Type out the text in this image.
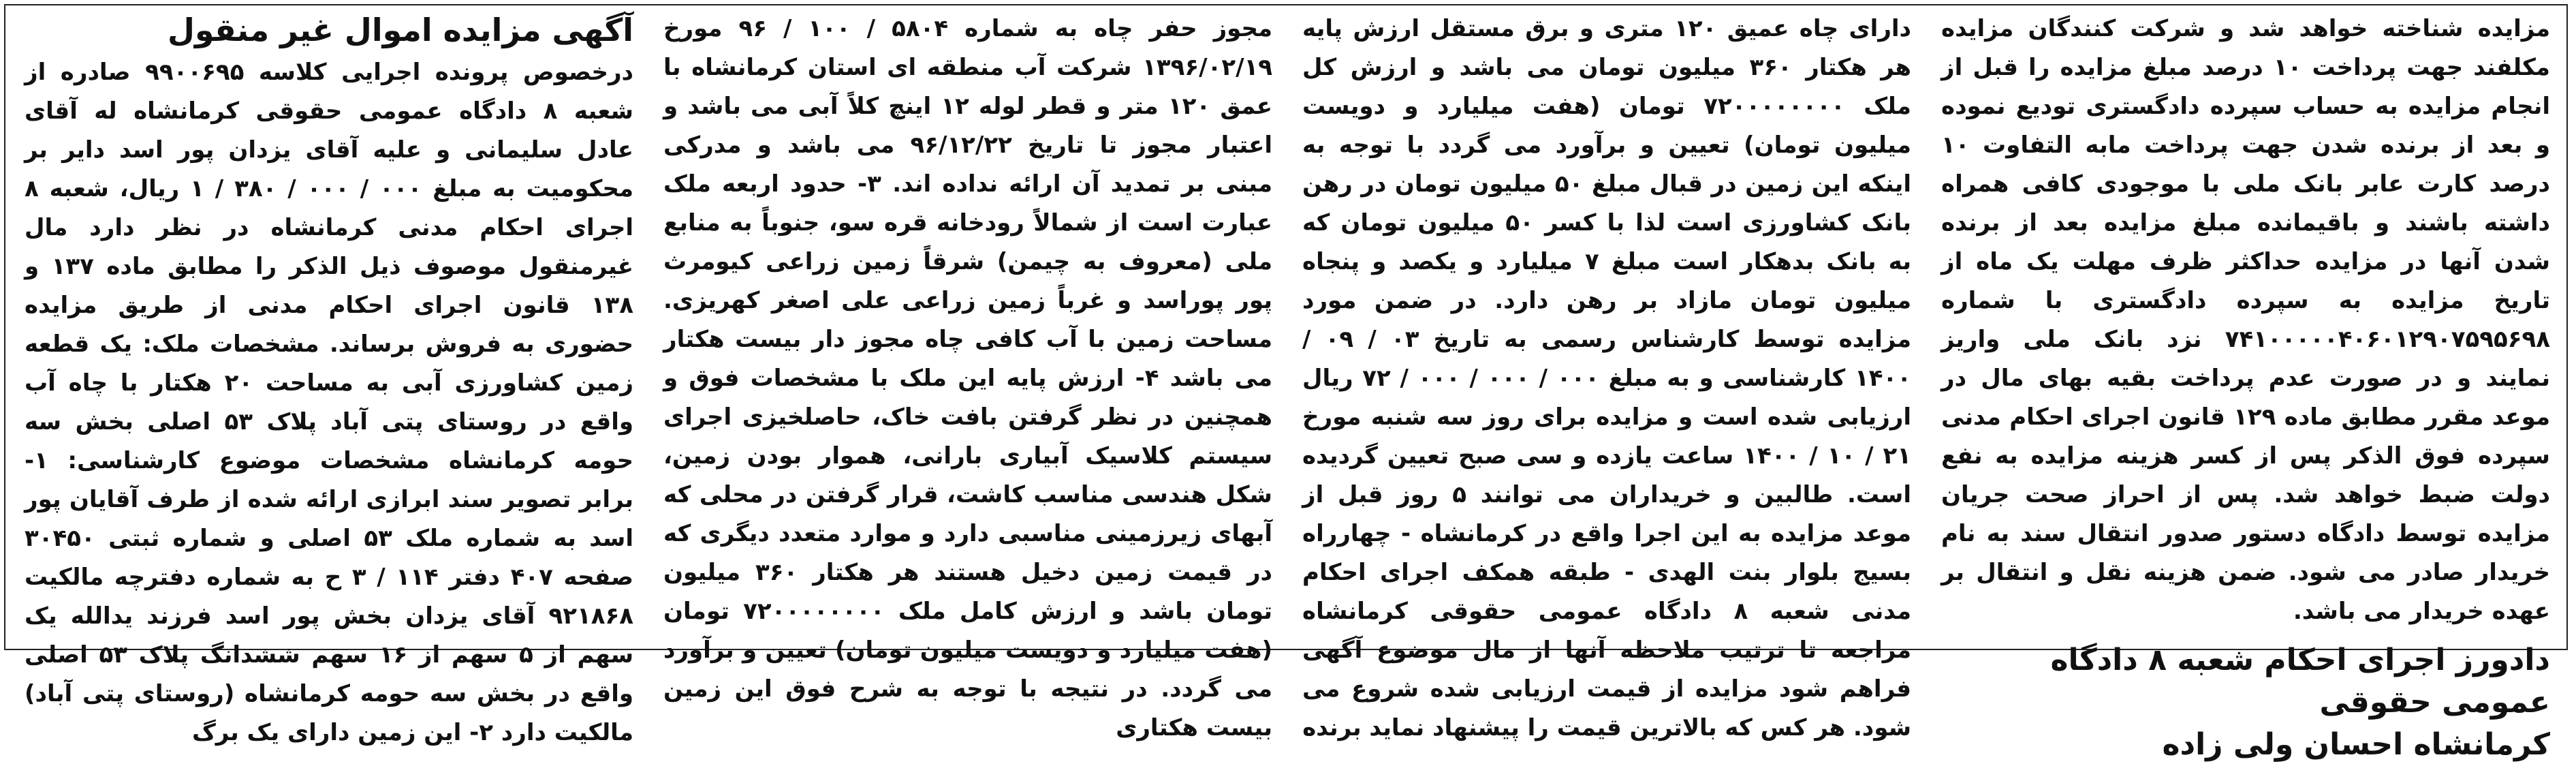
آگهی مزایده اموال غیر منقول

درخصوص پرونده اجرایی کلاسه ۹۹۰۰۶۹۵ صادره از شعبه ۸ دادگاه عمومی حقوقی کرمانشاه له آقای عادل سلیمانی و علیه آقای یزدان پور اسد دایر بر محکومیت به مبلغ ۰۰۰ / ۰۰۰ / ۳۸۰ / ۱ ریال، شعبه ۸ اجرای احکام مدنی کرمانشاه در نظر دارد مال غیرمنقول موصوف ذیل الذکر را مطابق ماده ۱۳۷ و ۱۳۸ قانون اجرای احکام مدنی از طریق مزایده حضوری به فروش برساند. مشخصات ملک: یک قطعه زمین کشاورزی آبی به مساحت ۲۰ هکتار با چاه آب واقع در روستای پتی آباد پلاک ۵۳ اصلی بخش سه حومه کرمانشاه مشخصات موضوع کارشناسی: ۱- برابر تصویر سند ابرازی ارائه شده از طرف آقایان پور اسد به شماره ملک ۵۳ اصلی و شماره ثبتی ۳۰۴۵۰ صفحه ۴۰۷ دفتر ۱۱۴ / ۳ ح به شماره دفترچه مالکیت ۹۲۱۸۶۸ آقای یزدان بخش پور اسد فرزند یدالله یک سهم از ۵ سهم از ۱۶ سهم ششدانگ پلاک ۵۳ اصلی واقع در بخش سه حومه کرمانشاه (روستای پتی آباد) مالکیت دارد ۲- این زمین دارای یک برگ

مجوز حفر چاه به شماره ۵۸۰۴ / ۱۰۰ / ۹۶ مورخ ۱۳۹۶/۰۲/۱۹ شرکت آب منطقه ای استان کرمانشاه با عمق ۱۲۰ متر و قطر لوله ۱۲ اینچ کلاً آبی می باشد و اعتبار مجوز تا تاریخ ۹۶/۱۲/۲۲ می باشد و مدرکی مبنی بر تمدید آن ارائه نداده اند. ۳- حدود اربعه ملک عبارت است از شمالاً رودخانه قره سو، جنوباً به منابع ملی (معروف به چیمن) شرقاً زمین زراعی کیومرث پور پوراسد و غرباً زمین زراعی علی اصغر کهریزی. مساحت زمین با آب کافی چاه مجوز دار بیست هکتار می باشد ۴- ارزش پایه این ملک با مشخصات فوق و همچنین در نظر گرفتن بافت خاک، حاصلخیزی اجرای سیستم کلاسیک آبیاری بارانی، هموار بودن زمین، شکل هندسی مناسب کاشت، قرار گرفتن در محلی که آبهای زیرزمینی مناسبی دارد و موارد متعدد دیگری که در قیمت زمین دخیل هستند هر هکتار ۳۶۰ میلیون تومان باشد و ارزش کامل ملک ۷۲۰۰۰۰۰۰۰۰ تومان (هفت میلیارد و دویست میلیون تومان) تعیین و برآورد می گردد. در نتیجه با توجه به شرح فوق این زمین بیست هکتاری

دارای چاه عمیق ۱۲۰ متری و برق مستقل ارزش پایه هر هکتار ۳۶۰ میلیون تومان می باشد و ارزش کل ملک ۷۲۰۰۰۰۰۰۰۰ تومان (هفت میلیارد و دویست میلیون تومان) تعیین و برآورد می گردد با توجه به اینکه این زمین در قبال مبلغ ۵۰ میلیون تومان در رهن بانک کشاورزی است لذا با کسر ۵۰ میلیون تومان که به بانک بدهکار است مبلغ ۷ میلیارد و یکصد و پنجاه میلیون تومان مازاد بر رهن دارد. در ضمن مورد مزایده توسط کارشناس رسمی به تاریخ ۰۳ / ۰۹ / ۱۴۰۰ کارشناسی و به مبلغ ۰۰۰ / ۰۰۰ / ۰۰۰ / ۷۲ ریال ارزیابی شده است و مزایده برای روز سه شنبه مورخ ۲۱ / ۱۰ / ۱۴۰۰ ساعت یازده و سی صبح تعیین گردیده است. طالبین و خریداران می توانند ۵ روز قبل از موعد مزایده به این اجرا واقع در کرمانشاه - چهارراه بسیج بلوار بنت الهدی - طبقه همکف اجرای احکام مدنی شعبه ۸ دادگاه عمومی حقوقی کرمانشاه مراجعه تا ترتیب ملاحظه آنها از مال موضوع آگهی فراهم شود مزایده از قیمت ارزیابی شده شروع می شود. هر کس که بالاترین قیمت را پیشنهاد نماید برنده

مزایده شناخته خواهد شد و شرکت کنندگان مزایده مکلفند جهت پرداخت ۱۰ درصد مبلغ مزایده را قبل از انجام مزایده به حساب سپرده دادگستری تودیع نموده و بعد از برنده شدن جهت پرداخت مابه التفاوت ۱۰ درصد کارت عابر بانک ملی با موجودی کافی همراه داشته باشند و باقیمانده مبلغ مزایده بعد از برنده شدن آنها در مزایده حداکثر ظرف مهلت یک ماه از تاریخ مزایده به سپرده دادگستری با شماره ۷۴۱۰۰۰۰۰۴۰۶۰۱۲۹۰۷۵۹۵۶۹۸ نزد بانک ملی واریز نمایند و در صورت عدم پرداخت بقیه بهای مال در موعد مقرر مطابق ماده ۱۲۹ قانون اجرای احکام مدنی سپرده فوق الذکر پس از کسر هزینه مزایده به نفع دولت ضبط خواهد شد. پس از احراز صحت جریان مزایده توسط دادگاه دستور صدور انتقال سند به نام خریدار صادر می شود. ضمن هزینه نقل و انتقال بر عهده خریدار می باشد.

دادورز اجرای احکام شعبه ۸ دادگاه عمومی حقوقی
کرمانشاه احسان ولی زاده
